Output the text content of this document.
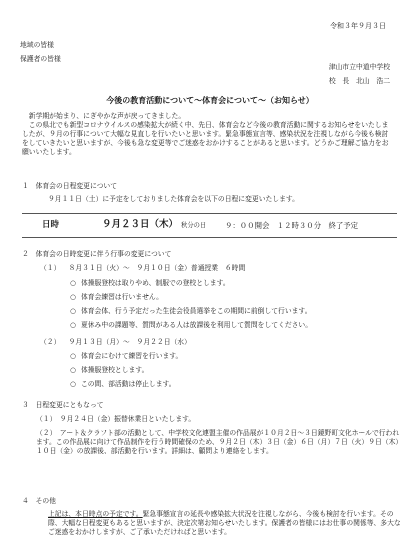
令和３年９月３日
地域の皆様
保護者の皆様
津山市立中道中学校
校　長　北山　浩二
今後の教育活動について～体育会について～（お知らせ）

新学期が始まり、にぎやかな声が戻ってきました。

この県北でも新型コロナウイルスの感染拡大が続く中、先日、体育会など今後の教育活動に関するお知らせをいたしましたが、９月の行事について大幅な見直しを行いたいと思います。緊急事態宣言等、感染状況を注視しながら今後も検討をしていきたいと思いますが、今後も急な変更等でご迷惑をおかけすることがあると思います。どうかご理解ご協力をお願いいたします。

１　体育会の日程変更について
９月１１日（土）に予定をしておりました体育会を以下の日程に変更いたします。
日時	９月２３日（木） 秋分の日	９：００開会　１２時３０分　終了予定
２　体育会の日時変更に伴う行事の変更について
（１） ８月３１日（火）～　９月１０日（金）普通授業　６時間
○ 体操服登校は取りやめ、制服での登校とします。
○ 体育会練習は行いません。
○ 体育会体、行う予定だった生徒会役員選挙をこの期間に前倒して行います。
○ 夏休み中の課題等、質問がある人は放課後を利用して質問をしてください。
（２） ９月１３日（月）～　９月２２日（水）
○ 体育会にむけて練習を行います。
○ 体操服登校とします。
○ この間、部活動は停止します。
３　日程変更にともなって
（１）　９月２４日（金）振替休業日といたします。
（２）　アート＆クラフト部の活動として、中学校文化連盟主催の作品展が１０月２日～３日鏡野町文化ホールで行われます。この作品展に向けて作品制作を行う時間確保のため、９月２日（木）３日（金）６日（月）７日（火）９日（木）１０日（金）の放課後、部活動を行います。詳細は、顧問より連絡をします。
４　その他

上記は、本日時点の予定です。緊急事態宣言の延長や感染拡大状況を注視しながら、今後も検討を行います。その際、大幅な日程変更もあると思いますが、決定次第お知らせいたします。保護者の皆様にはお仕事の関係等、多大なご迷惑をおかけしますが、ご了承いただければと思います。
